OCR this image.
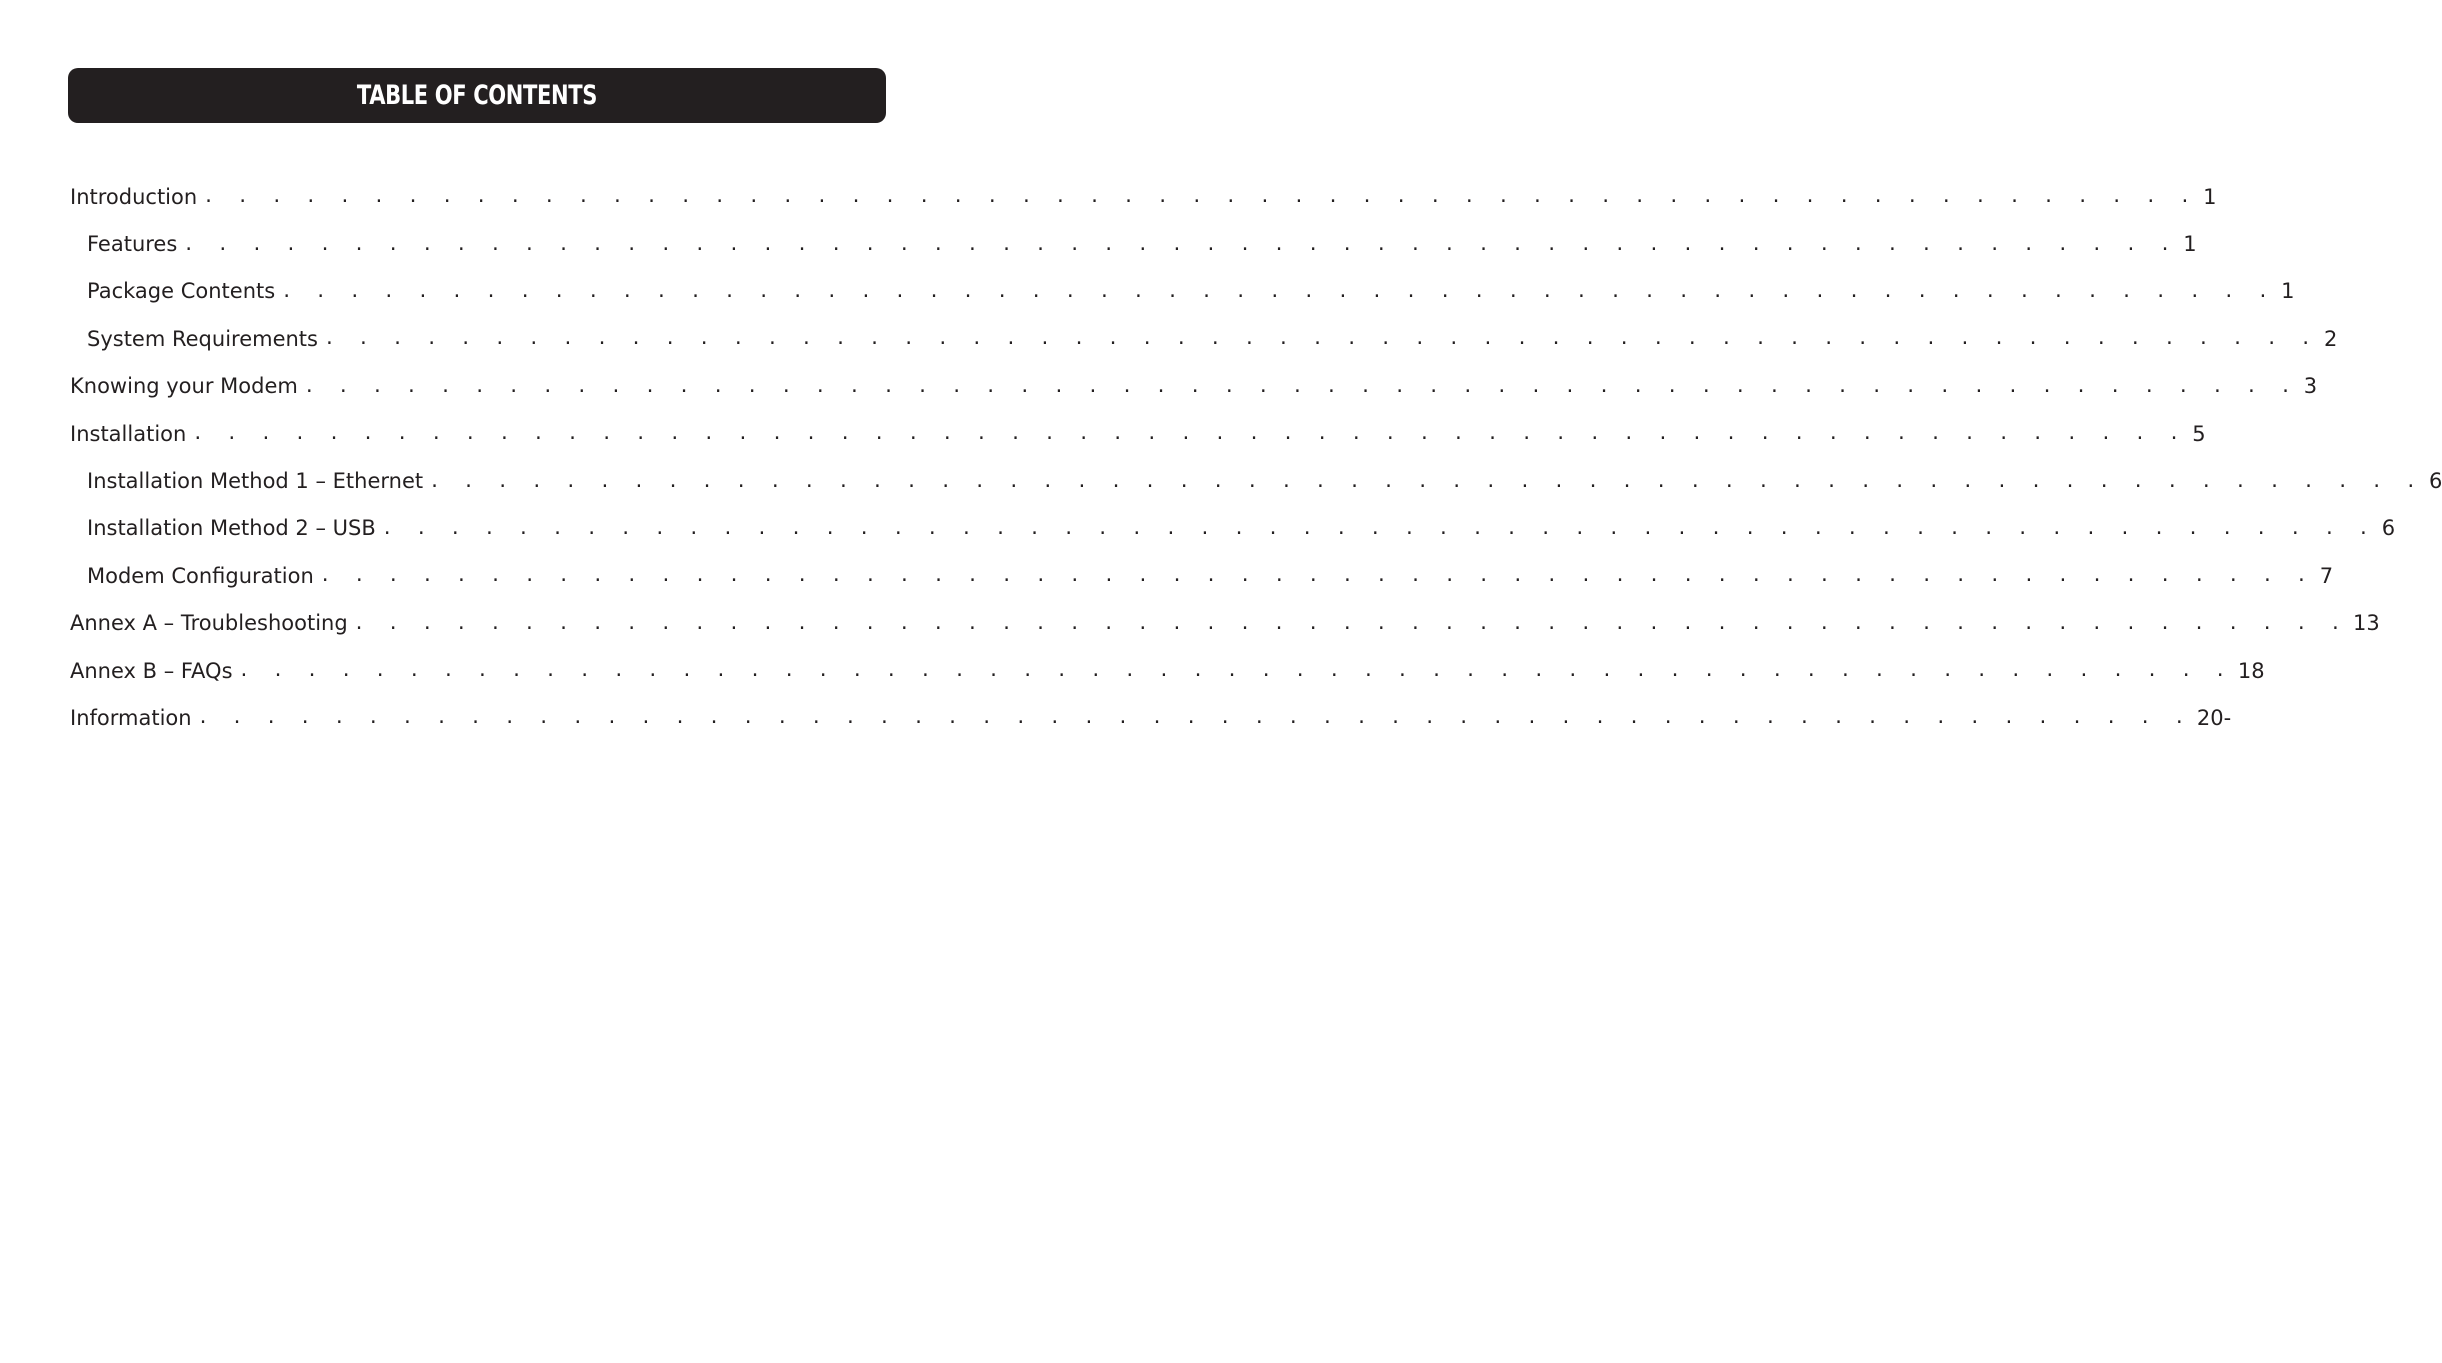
TABLE OF CONTENTS
Introduction . . . . . . . . . . . . . . . . . . . . . . . . . . . . . . . . . . . . . . . . . . . . . . . . . . . . . . . . . . . 1
Features . . . . . . . . . . . . . . . . . . . . . . . . . . . . . . . . . . . . . . . . . . . . . . . . . . . . . . . . . . . 1
Package Contents . . . . . . . . . . . . . . . . . . . . . . . . . . . . . . . . . . . . . . . . . . . . . . . . . . . . . . . . . . . 1
System Requirements . . . . . . . . . . . . . . . . . . . . . . . . . . . . . . . . . . . . . . . . . . . . . . . . . . . . . . . . . . . 2
Knowing your Modem . . . . . . . . . . . . . . . . . . . . . . . . . . . . . . . . . . . . . . . . . . . . . . . . . . . . . . . . . . . 3
Installation . . . . . . . . . . . . . . . . . . . . . . . . . . . . . . . . . . . . . . . . . . . . . . . . . . . . . . . . . . . 5
Installation Method 1 – Ethernet . . . . . . . . . . . . . . . . . . . . . . . . . . . . . . . . . . . . . . . . . . . . . . . . . . . . . . . . . . . 6
Installation Method 2 – USB . . . . . . . . . . . . . . . . . . . . . . . . . . . . . . . . . . . . . . . . . . . . . . . . . . . . . . . . . . . 6
Modem Configuration . . . . . . . . . . . . . . . . . . . . . . . . . . . . . . . . . . . . . . . . . . . . . . . . . . . . . . . . . . . 7
Annex A – Troubleshooting . . . . . . . . . . . . . . . . . . . . . . . . . . . . . . . . . . . . . . . . . . . . . . . . . . . . . . . . . . . 13
Annex B – FAQs . . . . . . . . . . . . . . . . . . . . . . . . . . . . . . . . . . . . . . . . . . . . . . . . . . . . . . . . . . . 18
Information . . . . . . . . . . . . . . . . . . . . . . . . . . . . . . . . . . . . . . . . . . . . . . . . . . . . . . . . . . . 20-
